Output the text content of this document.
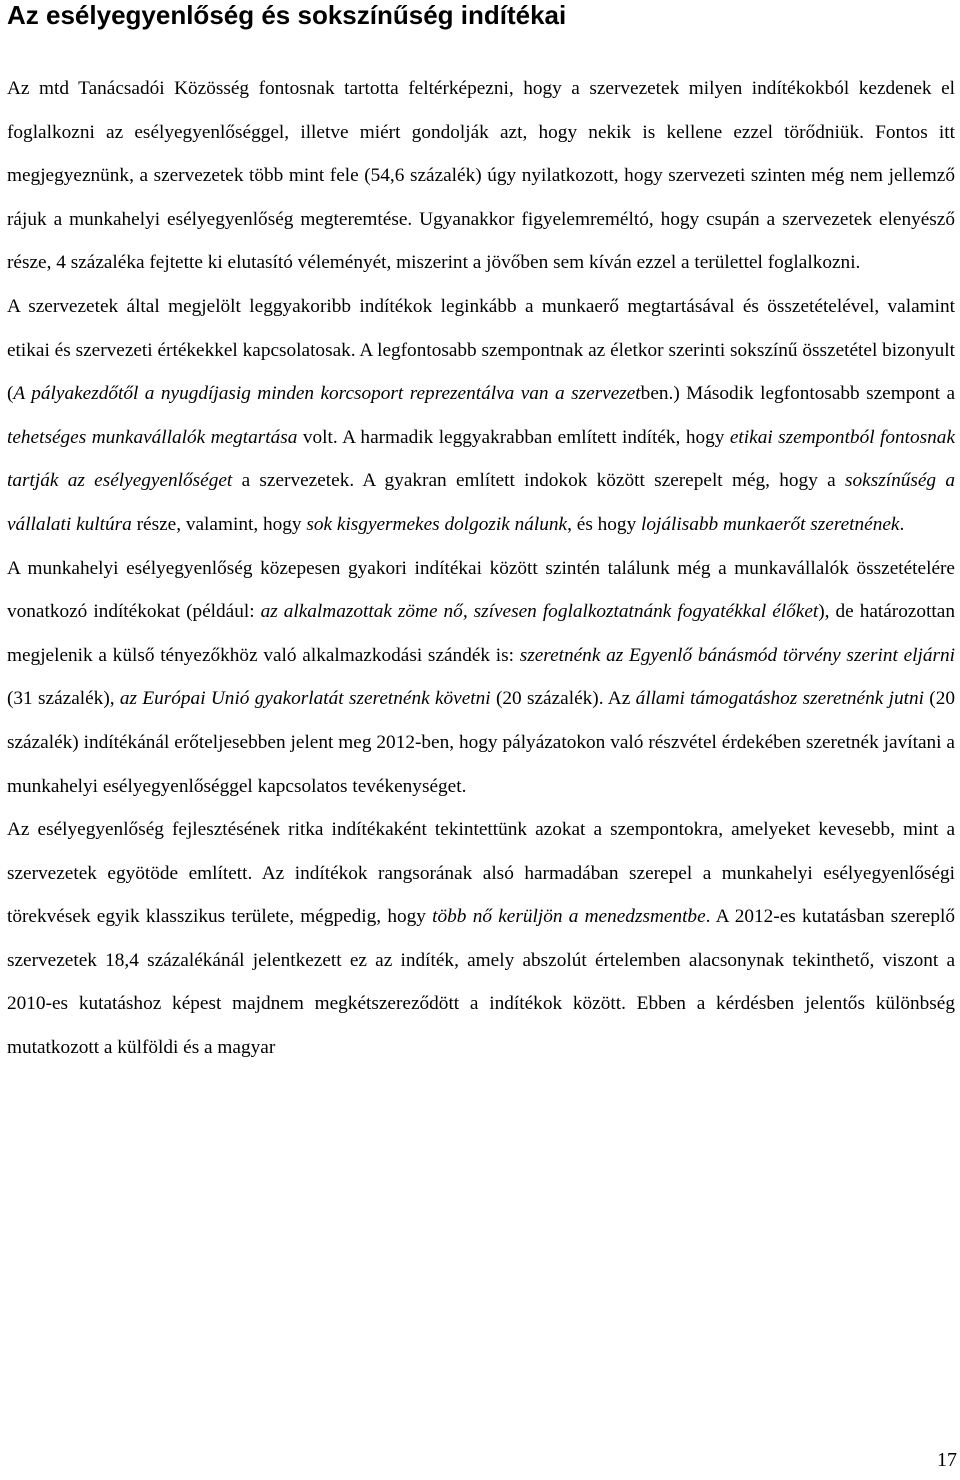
Az esélyegyenlőség és sokszínűség indítékai

Az mtd Tanácsadói Közösség fontosnak tartotta feltérképezni, hogy a szervezetek milyen indítékokból kezdenek el foglalkozni az esélyegyenlőséggel, illetve miért gondolják azt, hogy nekik is kellene ezzel törődniük. Fontos itt megjegyeznünk, a szervezetek több mint fele (54,6 százalék) úgy nyilatkozott, hogy szervezeti szinten még nem jellemző rájuk a munkahelyi esélyegyenlőség megteremtése. Ugyanakkor figyelemreméltó, hogy csupán a szervezetek elenyésző része, 4 százaléka fejtette ki elutasító véleményét, miszerint a jövőben sem kíván ezzel a területtel foglalkozni.

A szervezetek által megjelölt leggyakoribb indítékok leginkább a munkaerő megtartásával és összetételével, valamint etikai és szervezeti értékekkel kapcsolatosak. A legfontosabb szempontnak az életkor szerinti sokszínű összetétel bizonyult (A pályakezdőtől a nyugdíjasig minden korcsoport reprezentálva van a szervezetben.) Második legfontosabb szempont a tehetséges munkavállalók megtartása volt. A harmadik leggyakrabban említett indíték, hogy etikai szempontból fontosnak tartják az esélyegyenlőséget a szervezetek. A gyakran említett indokok között szerepelt még, hogy a sokszínűség a vállalati kultúra része, valamint, hogy sok kisgyermekes dolgozik nálunk, és hogy lojálisabb munkaerőt szeretnének.

A munkahelyi esélyegyenlőség közepesen gyakori indítékai között szintén találunk még a munkavállalók összetételére vonatkozó indítékokat (például: az alkalmazottak zöme nő, szívesen foglalkoztatnánk fogyatékkal élőket), de határozottan megjelenik a külső tényezőkhöz való alkalmazkodási szándék is: szeretnénk az Egyenlő bánásmód törvény szerint eljárni (31 százalék), az Európai Unió gyakorlatát szeretnénk követni (20 százalék). Az állami támogatáshoz szeretnénk jutni (20 százalék) indítékánál erőteljesebben jelent meg 2012-ben, hogy pályázatokon való részvétel érdekében szeretnék javítani a munkahelyi esélyegyenlőséggel kapcsolatos tevékenységet.

Az esélyegyenlőség fejlesztésének ritka indítékaként tekintettünk azokat a szempontokra, amelyeket kevesebb, mint a szervezetek egyötöde említett. Az indítékok rangsorának alsó harmadában szerepel a munkahelyi esélyegyenlőségi törekvések egyik klasszikus területe, mégpedig, hogy több nő kerüljön a menedzsmentbe. A 2012-es kutatásban szereplő szervezetek 18,4 százalékánál jelentkezett ez az indíték, amely abszolút értelemben alacsonynak tekinthető, viszont a 2010-es kutatáshoz képest majdnem megkétszereződött a indítékok között. Ebben a kérdésben jelentős különbség mutatkozott a külföldi és a magyar

17
